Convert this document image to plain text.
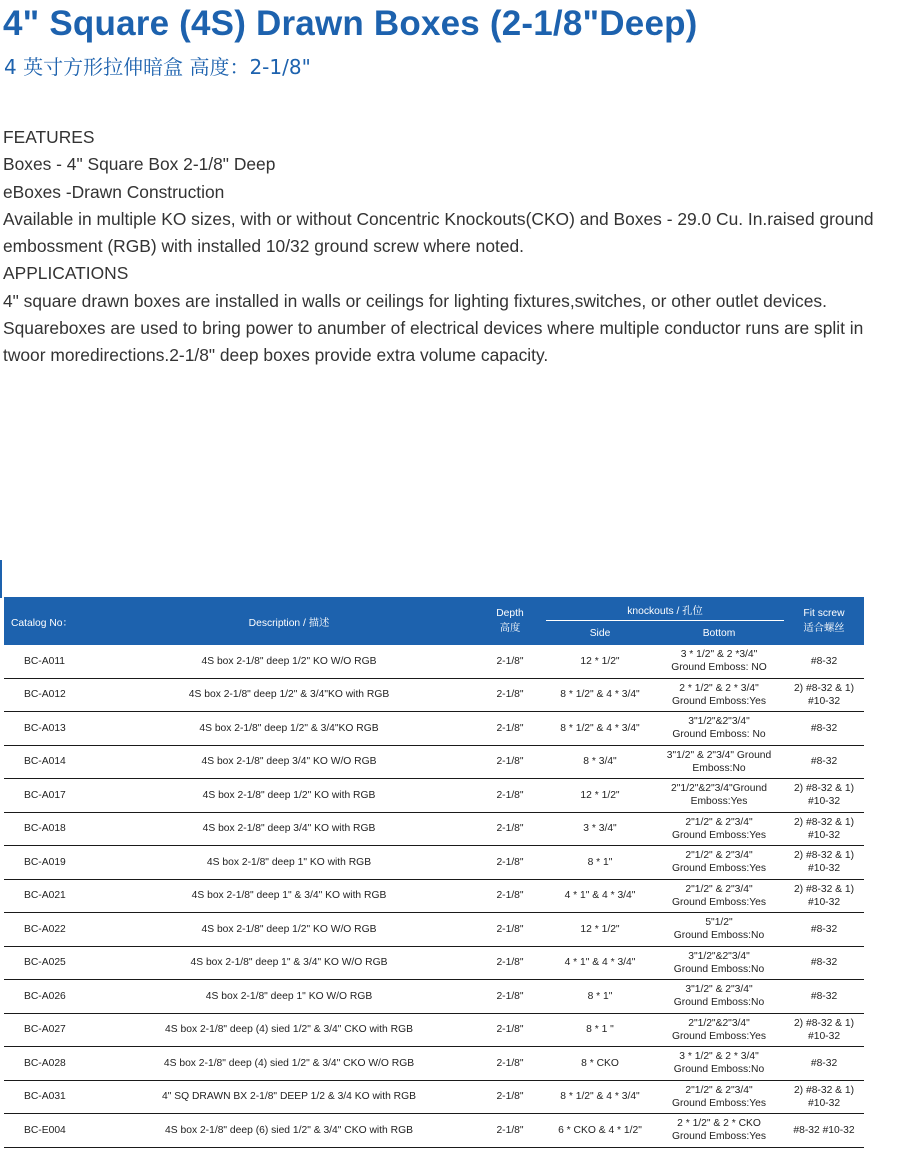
4" Square (4S) Drawn Boxes (2-1/8"Deep)
4 英寸方形拉伸暗盒 高度：2-1/8"

FEATURES

Boxes - 4" Square Box 2-1/8" Deep

eBoxes -Drawn Construction

Available in multiple KO sizes, with or without Concentric Knockouts(CKO) and Boxes - 29.0 Cu. In.raised ground embossment (RGB) with installed 10/32 ground screw where noted.

APPLICATIONS

4" square drawn boxes are installed in walls or ceilings for lighting fixtures,switches, or other outlet devices. Squareboxes are used to bring power to anumber of electrical devices where multiple conductor runs are split in twoor moredirections.2-1/8" deep boxes provide extra volume capacity.

Catalog No：	Description / 描述	Depth
高度	knockouts / 孔位		Fit screw
适合螺丝

			Side	Bottom	
BC-A011	4S box 2-1/8" deep 1/2" KO W/O RGB	2-1/8"	12 * 1/2"	3 * 1/2" & 2 *3/4"
Ground Emboss: NO	#8-32
BC-A012	4S box 2-1/8" deep 1/2" & 3/4"KO with RGB	2-1/8"	8 * 1/2" & 4 * 3/4"	2 * 1/2" & 2 * 3/4"
Ground Emboss:Yes	2) #8-32 & 1) #10-32
BC-A013	4S box 2-1/8" deep 1/2" & 3/4"KO RGB	2-1/8"	8 * 1/2" & 4 * 3/4"	3"1/2"&2"3/4"
Ground Emboss: No	#8-32
BC-A014	4S box 2-1/8" deep 3/4" KO W/O RGB	2-1/8"	8 * 3/4"	3"1/2" & 2"3/4" Ground
Emboss:No	#8-32
BC-A017	4S box 2-1/8" deep 1/2" KO with RGB	2-1/8"	12 * 1/2"	2"1/2"&2"3/4"Ground
Emboss:Yes	2) #8-32 & 1) #10-32
BC-A018	4S box 2-1/8" deep 3/4" KO with RGB	2-1/8"	3 * 3/4"	2"1/2" & 2"3/4"
Ground Emboss:Yes	2) #8-32 & 1) #10-32
BC-A019	4S box 2-1/8" deep 1" KO with RGB	2-1/8"	8 * 1"	2"1/2" & 2"3/4"
Ground Emboss:Yes	2) #8-32 & 1) #10-32
BC-A021	4S box 2-1/8" deep 1" & 3/4" KO with RGB	2-1/8"	4 * 1" & 4 * 3/4"	2"1/2" & 2"3/4"
Ground Emboss:Yes	2) #8-32 & 1) #10-32
BC-A022	4S box 2-1/8" deep 1/2" KO W/O RGB	2-1/8"	12 * 1/2"	5"1/2"
Ground Emboss:No	#8-32
BC-A025	4S box 2-1/8" deep 1" & 3/4" KO W/O RGB	2-1/8"	4 * 1" & 4 * 3/4"	3"1/2"&2"3/4"
Ground Emboss:No	#8-32
BC-A026	4S box 2-1/8" deep 1" KO W/O RGB	2-1/8"	8 * 1"	3"1/2" & 2"3/4"
Ground Emboss:No	#8-32
BC-A027	4S box 2-1/8" deep (4) sied 1/2" & 3/4" CKO with RGB	2-1/8"	8 * 1 "	2"1/2"&2"3/4"
Ground Emboss:Yes	2) #8-32 & 1) #10-32
BC-A028	4S box 2-1/8" deep (4) sied 1/2" & 3/4" CKO W/O RGB	2-1/8"	8 * CKO	3 * 1/2" & 2 * 3/4"
Ground Emboss:No	#8-32
BC-A031	4" SQ DRAWN BX 2-1/8" DEEP 1/2 & 3/4 KO with RGB	2-1/8"	8 * 1/2" & 4 * 3/4"	2"1/2" & 2"3/4"
Ground Emboss:Yes	2) #8-32 & 1) #10-32
BC-E004	4S box 2-1/8" deep (6) sied 1/2" & 3/4" CKO with RGB	2-1/8"	6 * CKO & 4 * 1/2"	2 * 1/2" & 2 * CKO
Ground Emboss:Yes	#8-32 #10-32
